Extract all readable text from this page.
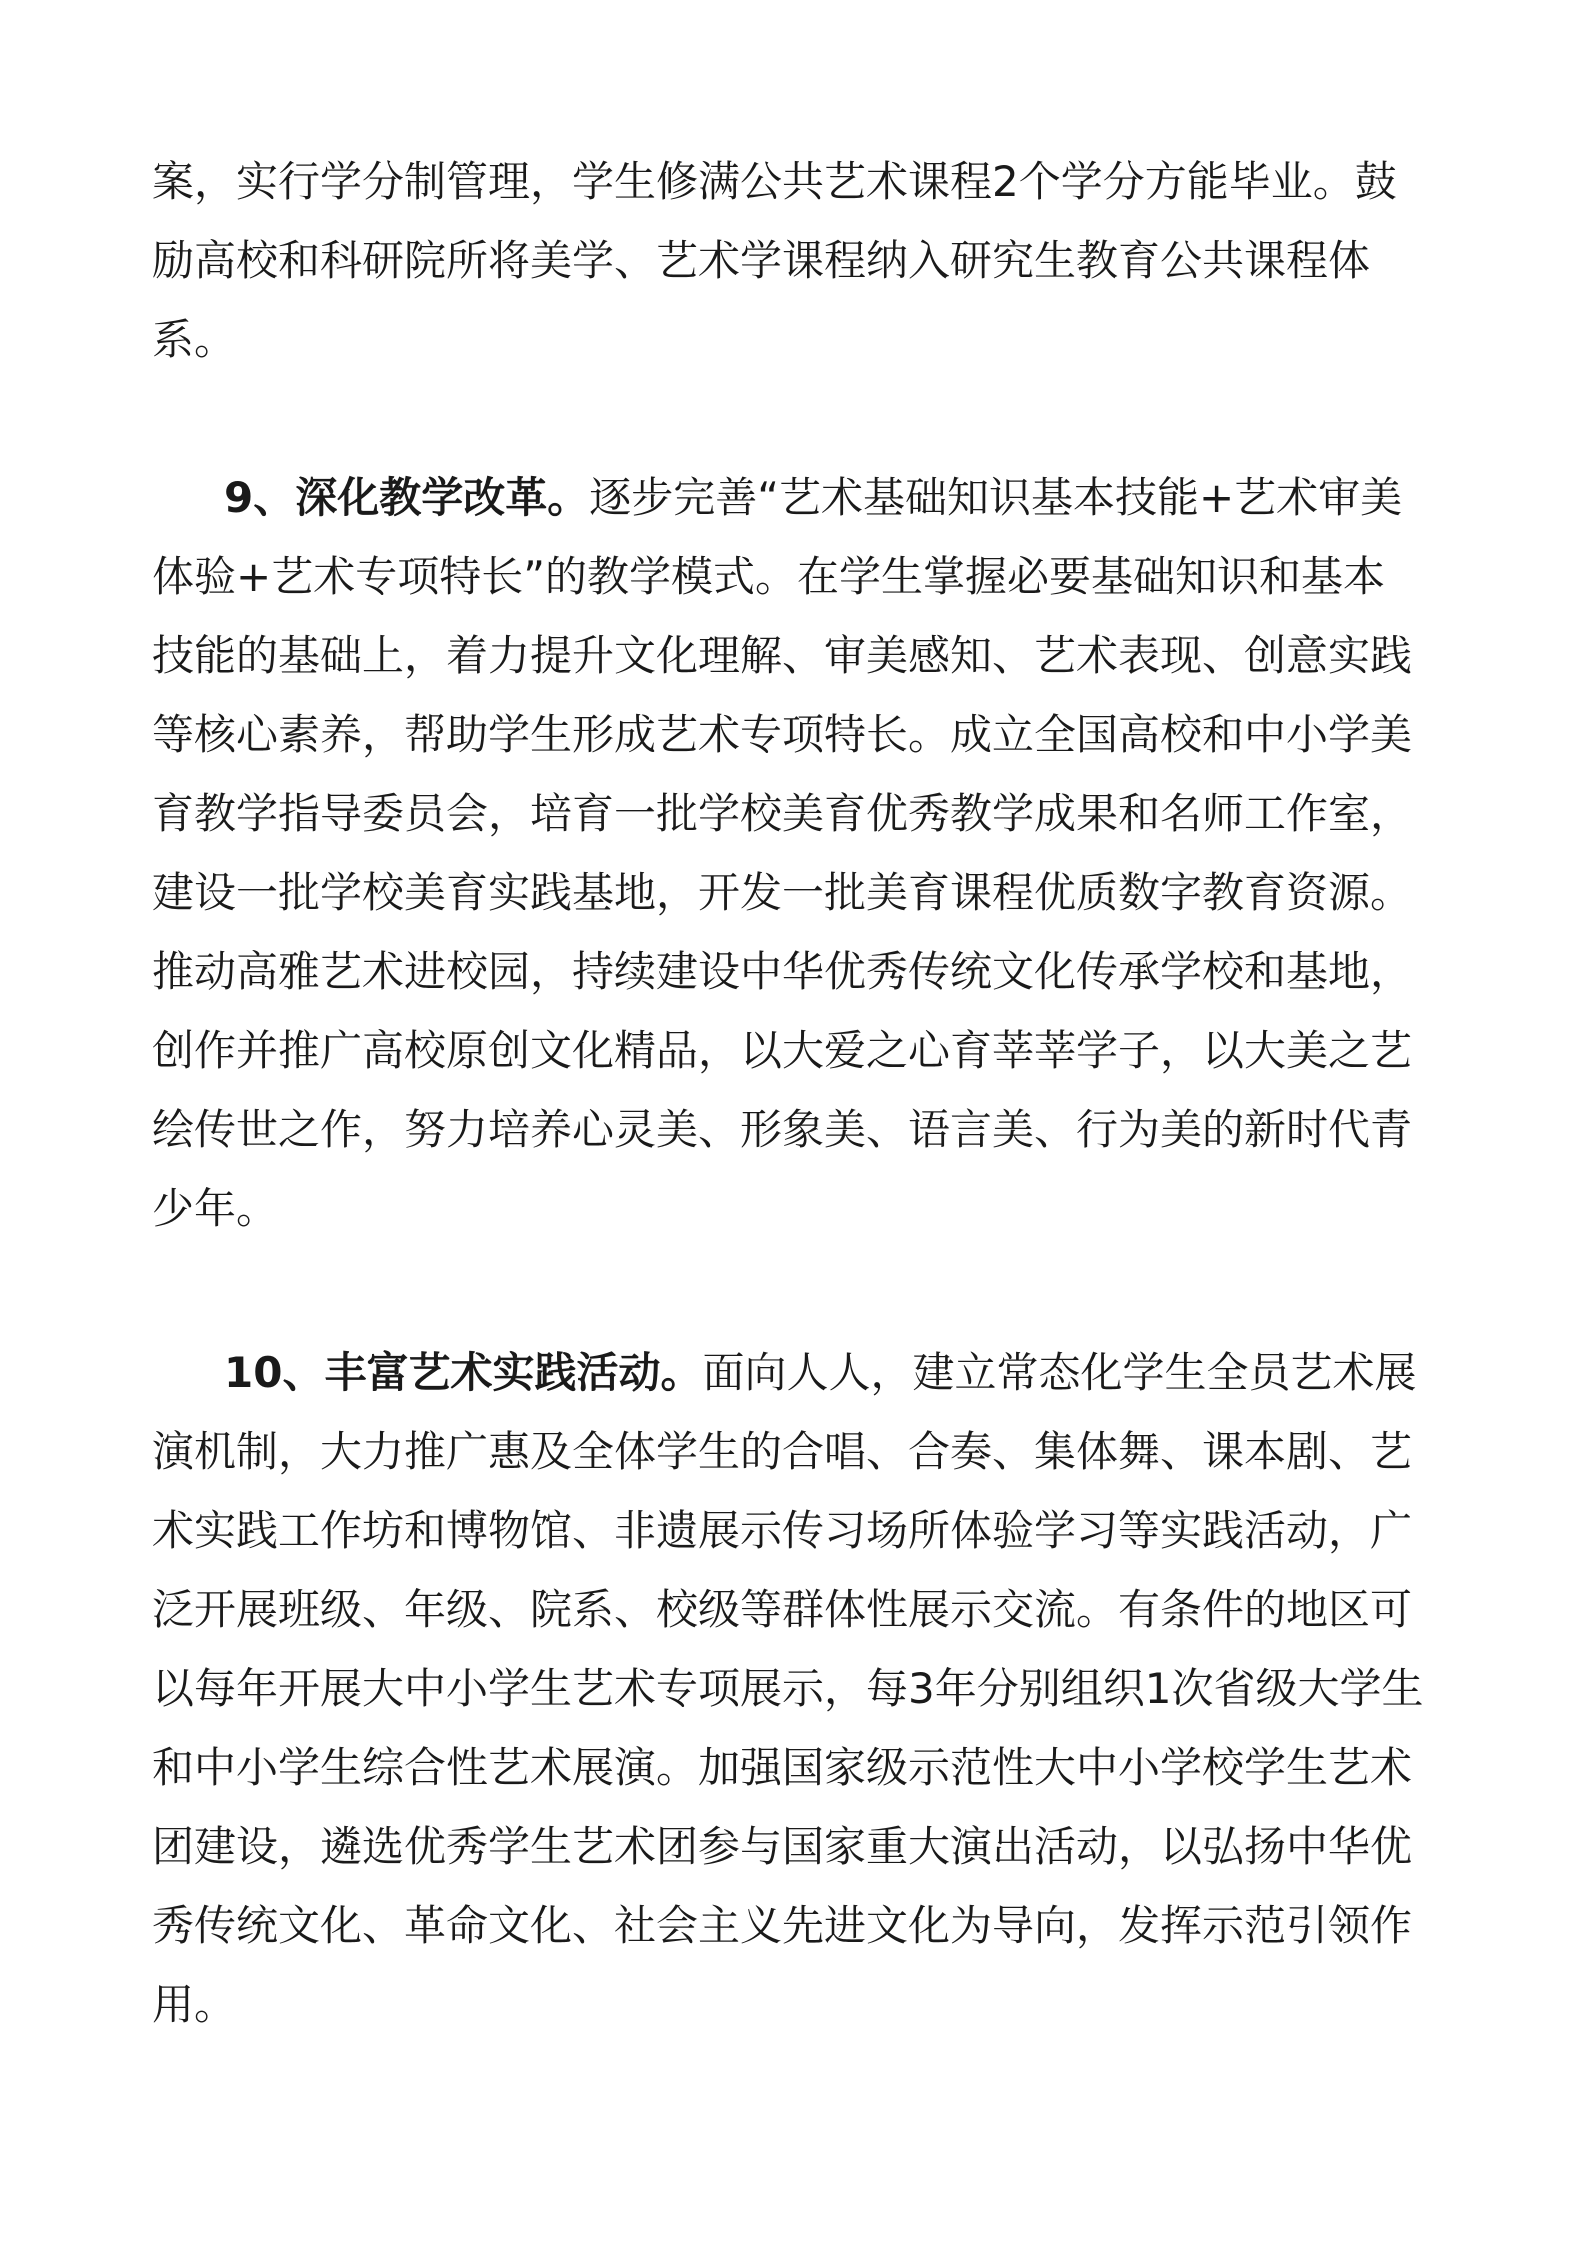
案，实行学分制管理，学生修满公共艺术课程2个学分方能毕业。鼓
励高校和科研院所将美学、艺术学课程纳入研究生教育公共课程体
系。
9、深化教学改革。逐步完善“艺术基础知识基本技能+艺术审美
体验+艺术专项特长”的教学模式。在学生掌握必要基础知识和基本
技能的基础上，着力提升文化理解、审美感知、艺术表现、创意实践
等核心素养，帮助学生形成艺术专项特长。成立全国高校和中小学美
育教学指导委员会，培育一批学校美育优秀教学成果和名师工作室，
建设一批学校美育实践基地，开发一批美育课程优质数字教育资源。
推动高雅艺术进校园，持续建设中华优秀传统文化传承学校和基地，
创作并推广高校原创文化精品，以大爱之心育莘莘学子，以大美之艺
绘传世之作，努力培养心灵美、形象美、语言美、行为美的新时代青
少年。
10、丰富艺术实践活动。面向人人，建立常态化学生全员艺术展
演机制，大力推广惠及全体学生的合唱、合奏、集体舞、课本剧、艺
术实践工作坊和博物馆、非遗展示传习场所体验学习等实践活动，广
泛开展班级、年级、院系、校级等群体性展示交流。有条件的地区可
以每年开展大中小学生艺术专项展示，每3年分别组织1次省级大学生
和中小学生综合性艺术展演。加强国家级示范性大中小学校学生艺术
团建设，遴选优秀学生艺术团参与国家重大演出活动，以弘扬中华优
秀传统文化、革命文化、社会主义先进文化为导向，发挥示范引领作
用。
